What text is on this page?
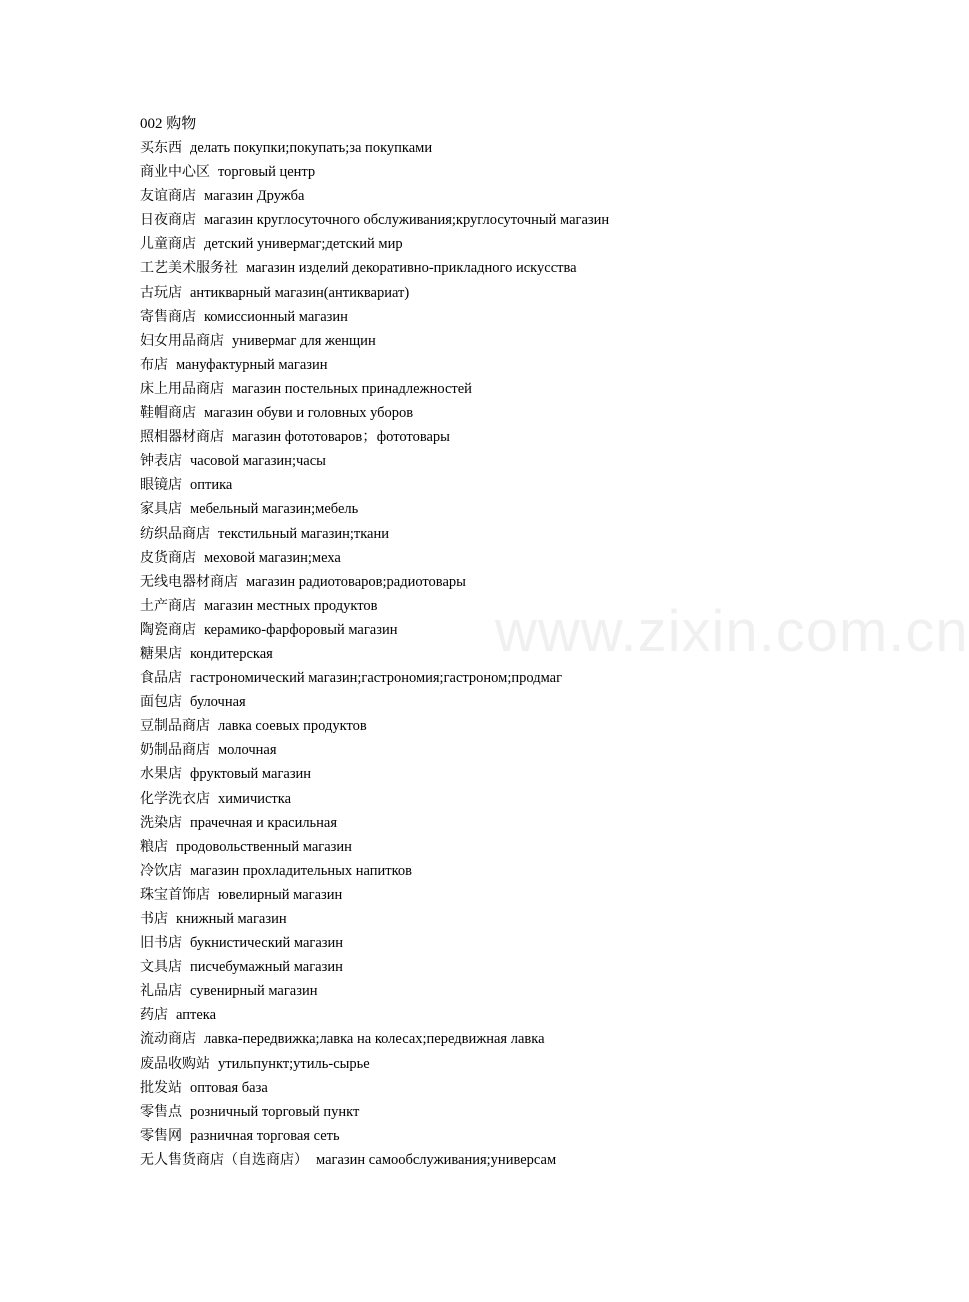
002 购物
买东西 делать покупки;покупать;за покупками
商业中心区 торговый центр
友谊商店 магазин Дружба
日夜商店 магазин круглосуточного обслуживания;круглосуточный магазин
儿童商店 детский универмаг;детский мир
工艺美术服务社 магазин изделий декоративно-прикладного искусства
古玩店 антикварный магазин(антиквариат)
寄售商店 комиссионный магазин
妇女用品商店 универмаг для женщин
布店 мануфактурный магазин
床上用品商店 магазин постельных принадлежностей
鞋帽商店 магазин обуви и головных уборов
照相器材商店 магазин фототоваров；фототовары
钟表店 часовой магазин;часы
眼镜店 оптика
家具店 мебельный магазин;мебель
纺织品商店 текстильный магазин;ткани
皮货商店 меховой магазин;меха
无线电器材商店 магазин радиотоваров;радиотовары
土产商店 магазин местных продуктов
陶瓷商店 керамико-фарфоровый магазин
糖果店 кондитерская
食品店 гастрономический магазин;гастрономия;гастроном;продмаг
面包店 булочная
豆制品商店 лавка соевых продуктов
奶制品商店 молочная
水果店 фруктовый магазин
化学洗衣店 химичистка
洗染店 прачечная и красильная
粮店 продовольственный магазин
冷饮店 магазин прохладительных напитков
珠宝首饰店 ювелирный магазин
书店 книжный магазин
旧书店 букнистический магазин
文具店 писчебумажный магазин
礼品店 сувенирный магазин
药店 аптека
流动商店 лавка-передвижка;лавка на колесах;передвижная лавка
废品收购站 утильпункт;утиль-сырье
批发站 оптовая база
零售点 розничный торговый пункт
零售网 разничная торговая сеть
无人售货商店（自选商店） магазин самообслуживания;универсам
www.zixin.com.cn
